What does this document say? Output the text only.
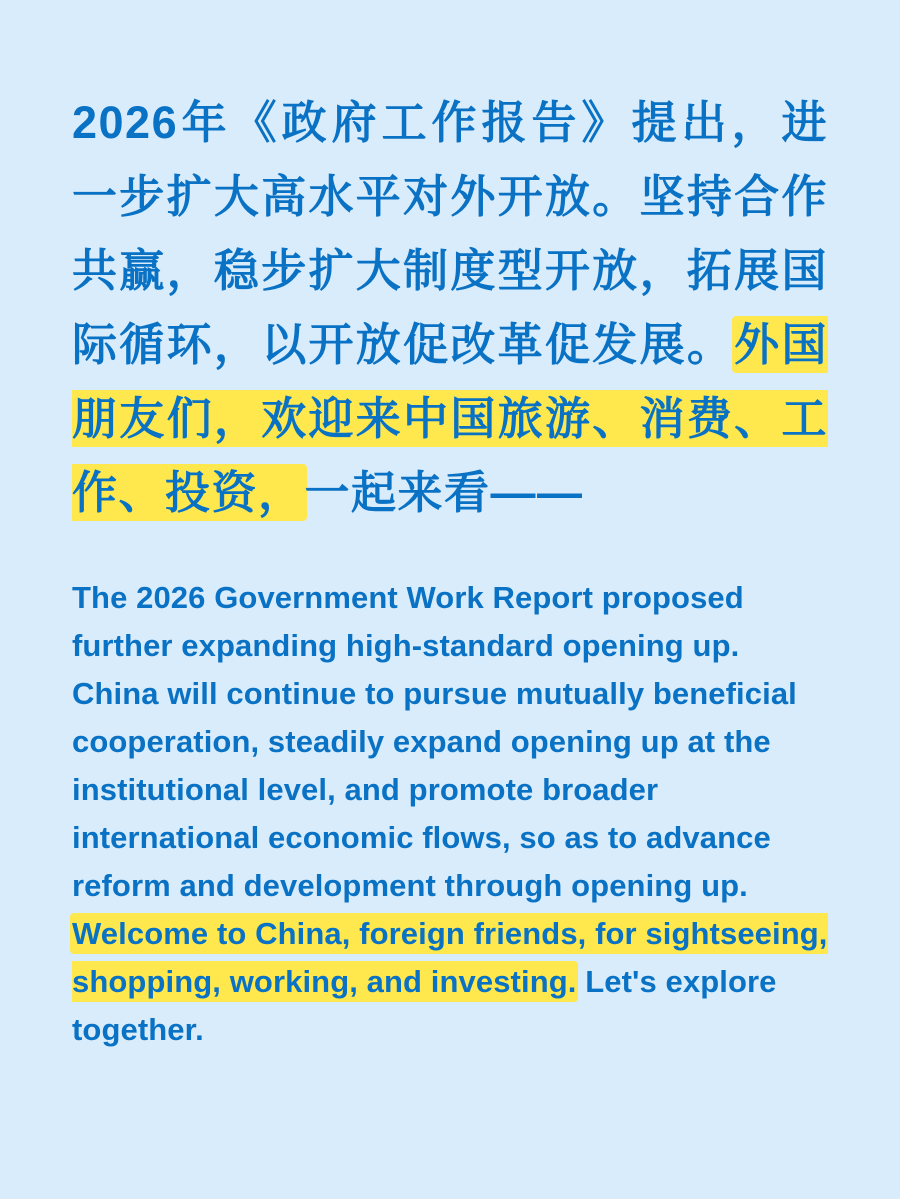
2026年《政府工作报告》提出，进一步扩大高水平对外开放。坚持合作共赢，稳步扩大制度型开放，拓展国际循环，以开放促改革促发展。外国朋友们，欢迎来中国旅游、消费、工作、投资，一起来看——

The 2026 Government Work Report proposed further expanding high-standard opening up. China will continue to pursue mutually beneficial cooperation, steadily expand opening up at the institutional level, and promote broader international economic flows, so as to advance reform and development through opening up. Welcome to China, foreign friends, for sightseeing, shopping, working, and investing. Let's explore together.
